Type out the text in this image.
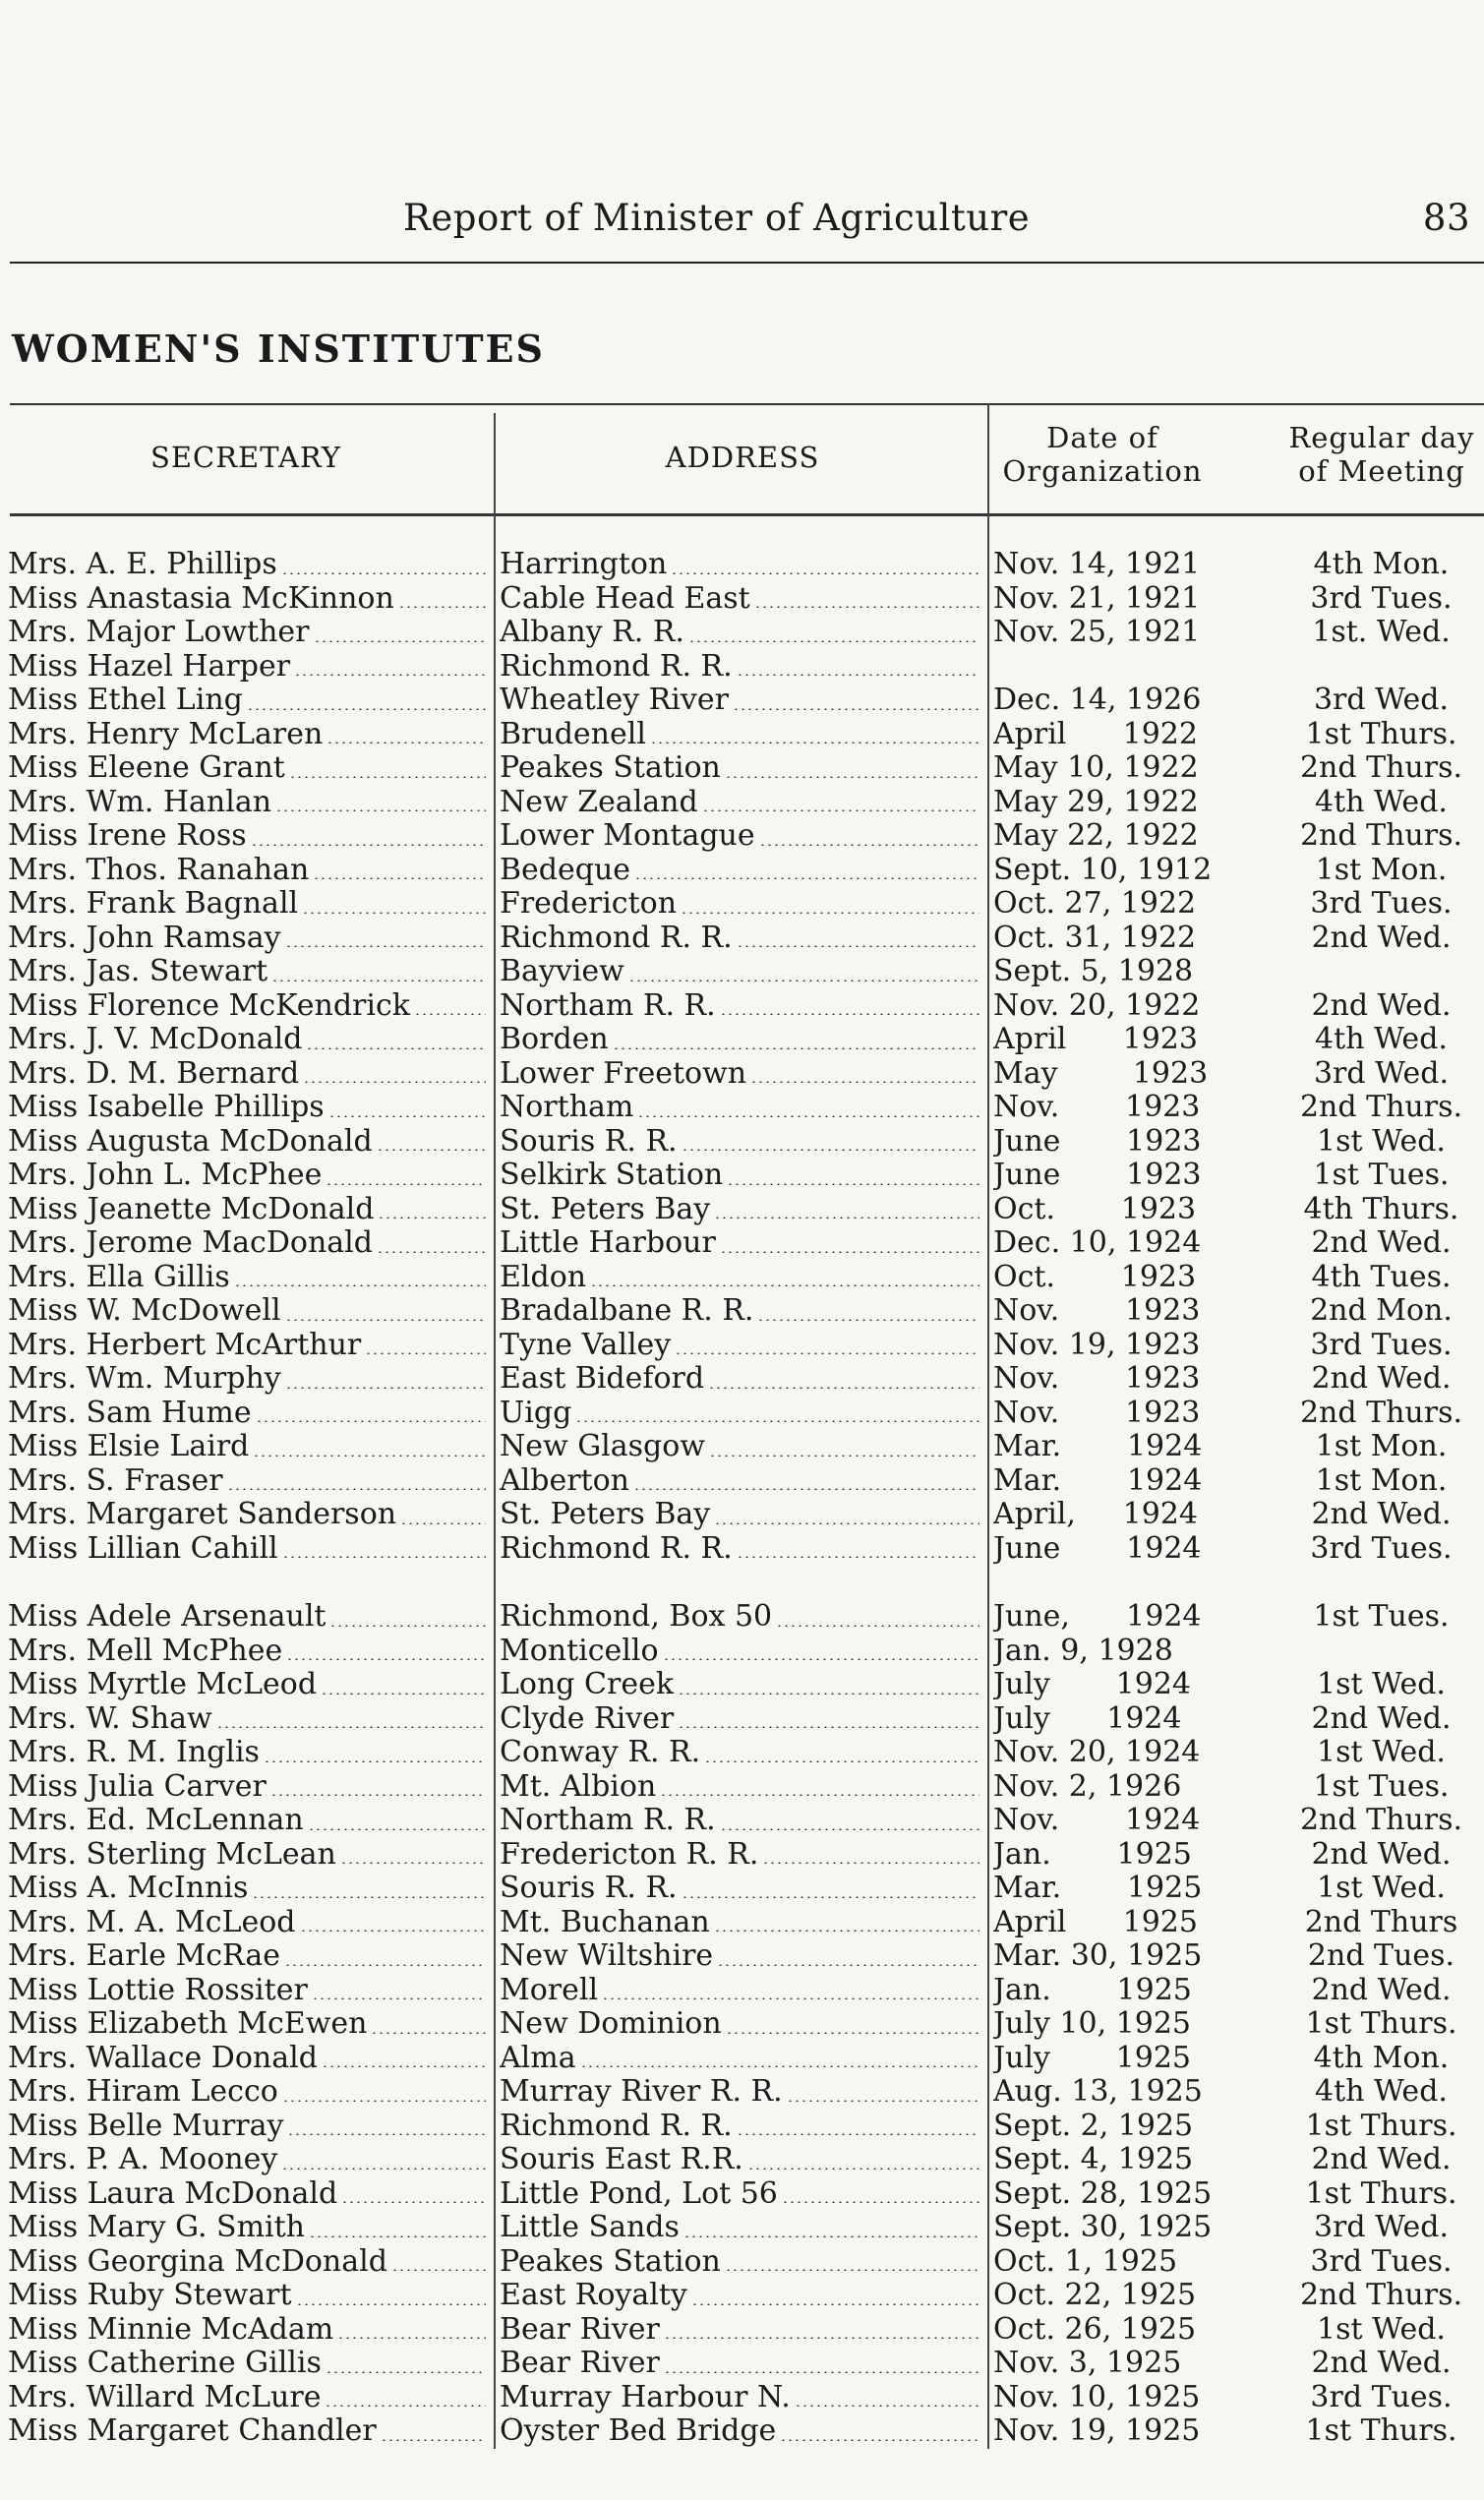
Report of Minister of Agriculture	83
WOMEN'S INSTITUTES
SECRETARY	ADDRESS
Date of
Organization
Regular day
of Meeting
Mrs. A. E. Phillips	Harrington	Nov. 14, 1921	4th Mon.
Miss Anastasia McKinnon	Cable Head East	Nov. 21, 1921	3rd Tues.
Mrs. Major Lowther	Albany R. R.	Nov. 25, 1921	1st. Wed.
Miss Hazel Harper	Richmond R. R.
Miss Ethel Ling	Wheatley River	Dec. 14, 1926	3rd Wed.
Mrs. Henry McLaren	Brudenell	April      1922	1st Thurs.
Miss Eleene Grant	Peakes Station	May 10, 1922	2nd Thurs.
Mrs. Wm. Hanlan	New Zealand	May 29, 1922	4th Wed.
Miss Irene Ross	Lower Montague	May 22, 1922	2nd Thurs.
Mrs. Thos. Ranahan	Bedeque	Sept. 10, 1912	1st Mon.
Mrs. Frank Bagnall	Fredericton	Oct. 27, 1922	3rd Tues.
Mrs. John Ramsay	Richmond R. R.	Oct. 31, 1922	2nd Wed.
Mrs. Jas. Stewart	Bayview	Sept. 5, 1928
Miss Florence McKendrick	Northam R. R.	Nov. 20, 1922	2nd Wed.
Mrs. J. V. McDonald	Borden	April      1923	4th Wed.
Mrs. D. M. Bernard	Lower Freetown	May        1923	3rd Wed.
Miss Isabelle Phillips	Northam	Nov.       1923	2nd Thurs.
Miss Augusta McDonald	Souris R. R.	June       1923	1st Wed.
Mrs. John L. McPhee	Selkirk Station	June       1923	1st Tues.
Miss Jeanette McDonald	St. Peters Bay	Oct.       1923	4th Thurs.
Mrs. Jerome MacDonald	Little Harbour	Dec. 10, 1924	2nd Wed.
Mrs. Ella Gillis	Eldon	Oct.       1923	4th Tues.
Miss W. McDowell	Bradalbane R. R.	Nov.       1923	2nd Mon.
Mrs. Herbert McArthur	Tyne Valley	Nov. 19, 1923	3rd Tues.
Mrs. Wm. Murphy	East Bideford	Nov.       1923	2nd Wed.
Mrs. Sam Hume	Uigg	Nov.       1923	2nd Thurs.
Miss Elsie Laird	New Glasgow	Mar.       1924	1st Mon.
Mrs. S. Fraser	Alberton	Mar.       1924	1st Mon.
Mrs. Margaret Sanderson	St. Peters Bay	April,     1924	2nd Wed.
Miss Lillian Cahill	Richmond R. R.	June       1924	3rd Tues.
Miss Adele Arsenault	Richmond, Box 50	June,      1924	1st Tues.
Mrs. Mell McPhee	Monticello	Jan. 9, 1928
Miss Myrtle McLeod	Long Creek	July       1924	1st Wed.
Mrs. W. Shaw	Clyde River	July      1924	2nd Wed.
Mrs. R. M. Inglis	Conway R. R.	Nov. 20, 1924	1st Wed.
Miss Julia Carver	Mt. Albion	Nov. 2, 1926	1st Tues.
Mrs. Ed. McLennan	Northam R. R.	Nov.       1924	2nd Thurs.
Mrs. Sterling McLean	Fredericton R. R.	Jan.       1925	2nd Wed.
Miss A. McInnis	Souris R. R.	Mar.       1925	1st Wed.
Mrs. M. A. McLeod	Mt. Buchanan	April      1925	2nd Thurs
Mrs. Earle McRae	New Wiltshire	Mar. 30, 1925	2nd Tues.
Miss Lottie Rossiter	Morell	Jan.       1925	2nd Wed.
Miss Elizabeth McEwen	New Dominion	July 10, 1925	1st Thurs.
Mrs. Wallace Donald	Alma	July       1925	4th Mon.
Mrs. Hiram Lecco	Murray River R. R.	Aug. 13, 1925	4th Wed.
Miss Belle Murray	Richmond R. R.	Sept. 2, 1925	1st Thurs.
Mrs. P. A. Mooney	Souris East R.R.	Sept. 4, 1925	2nd Wed.
Miss Laura McDonald	Little Pond, Lot 56	Sept. 28, 1925	1st Thurs.
Miss Mary G. Smith	Little Sands	Sept. 30, 1925	3rd Wed.
Miss Georgina McDonald	Peakes Station	Oct. 1, 1925	3rd Tues.
Miss Ruby Stewart	East Royalty	Oct. 22, 1925	2nd Thurs.
Miss Minnie McAdam	Bear River	Oct. 26, 1925	1st Wed.
Miss Catherine Gillis	Bear River	Nov. 3, 1925	2nd Wed.
Mrs. Willard McLure	Murray Harbour N.	Nov. 10, 1925	3rd Tues.
Miss Margaret Chandler	Oyster Bed Bridge	Nov. 19, 1925	1st Thurs.
